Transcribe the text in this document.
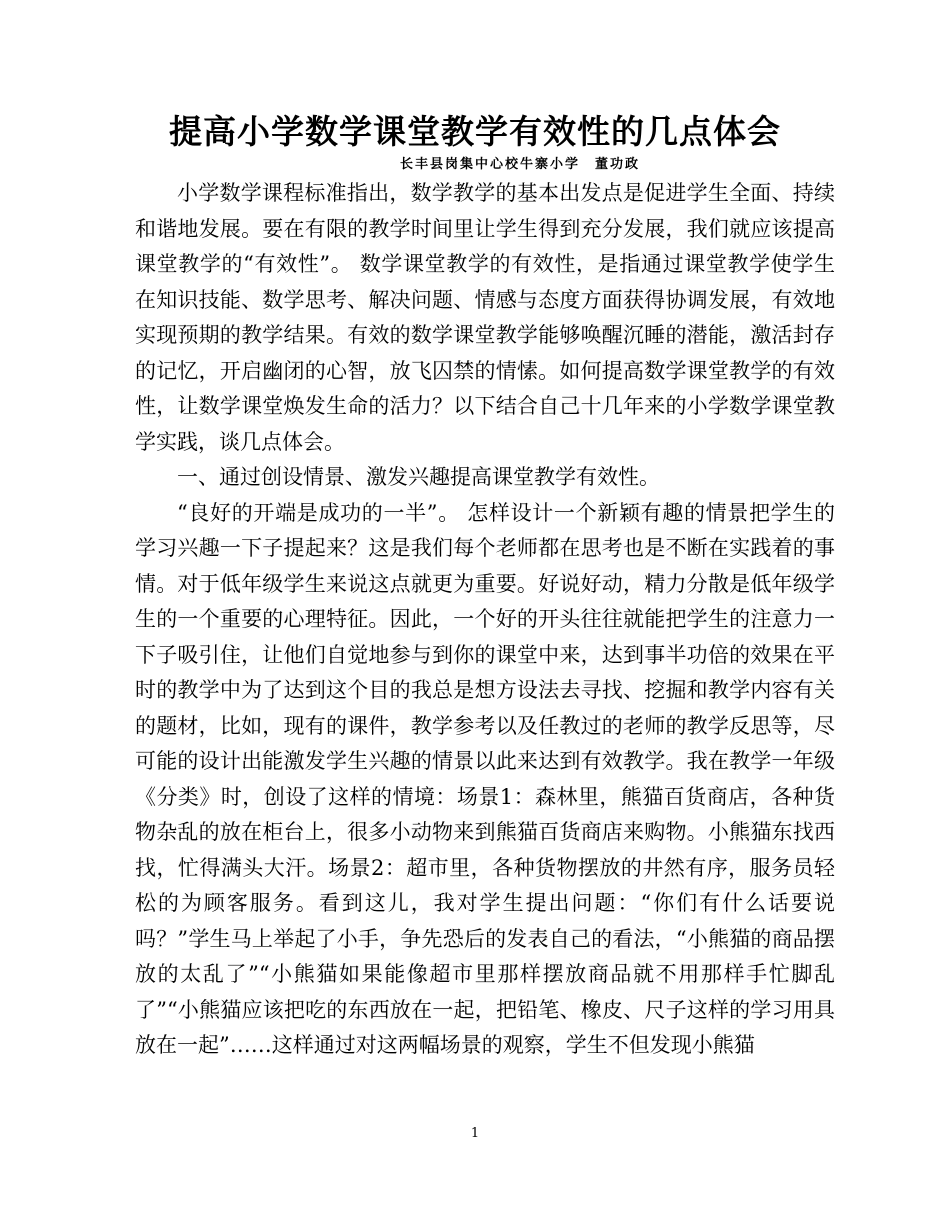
提高小学数学课堂教学有效性的几点体会
长丰县岗集中心校牛寨小学　董功政

小学数学课程标准指出，数学教学的基本出发点是促进学生全面、持续和谐地发展。要在有限的教学时间里让学生得到充分发展，我们就应该提高课堂教学的“有效性”。 数学课堂教学的有效性，是指通过课堂教学使学生在知识技能、数学思考、解决问题、情感与态度方面获得协调发展，有效地实现预期的教学结果。有效的数学课堂教学能够唤醒沉睡的潜能，激活封存的记忆，开启幽闭的心智，放飞囚禁的情愫。如何提高数学课堂教学的有效性，让数学课堂焕发生命的活力？以下结合自己十几年来的小学数学课堂教学实践，谈几点体会。

一、通过创设情景、激发兴趣提高课堂教学有效性。

“良好的开端是成功的一半”。 怎样设计一个新颖有趣的情景把学生的学习兴趣一下子提起来？这是我们每个老师都在思考也是不断在实践着的事情。对于低年级学生来说这点就更为重要。好说好动，精力分散是低年级学生的一个重要的心理特征。因此，一个好的开头往往就能把学生的注意力一下子吸引住，让他们自觉地参与到你的课堂中来，达到事半功倍的效果在平时的教学中为了达到这个目的我总是想方设法去寻找、挖掘和教学内容有关的题材，比如，现有的课件，教学参考以及任教过的老师的教学反思等，尽可能的设计出能激发学生兴趣的情景以此来达到有效教学。我在教学一年级《分类》时，创设了这样的情境：场景1：森林里，熊猫百货商店，各种货物杂乱的放在柜台上，很多小动物来到熊猫百货商店来购物。小熊猫东找西找，忙得满头大汗。场景2：超市里，各种货物摆放的井然有序，服务员轻松的为顾客服务。看到这儿，我对学生提出问题：“你们有什么话要说吗？”学生马上举起了小手，争先恐后的发表自己的看法，“小熊猫的商品摆放的太乱了”“小熊猫如果能像超市里那样摆放商品就不用那样手忙脚乱了”“小熊猫应该把吃的东西放在一起，把铅笔、橡皮、尺子这样的学习用具放在一起”……这样通过对这两幅场景的观察，学生不但发现小熊猫

1
